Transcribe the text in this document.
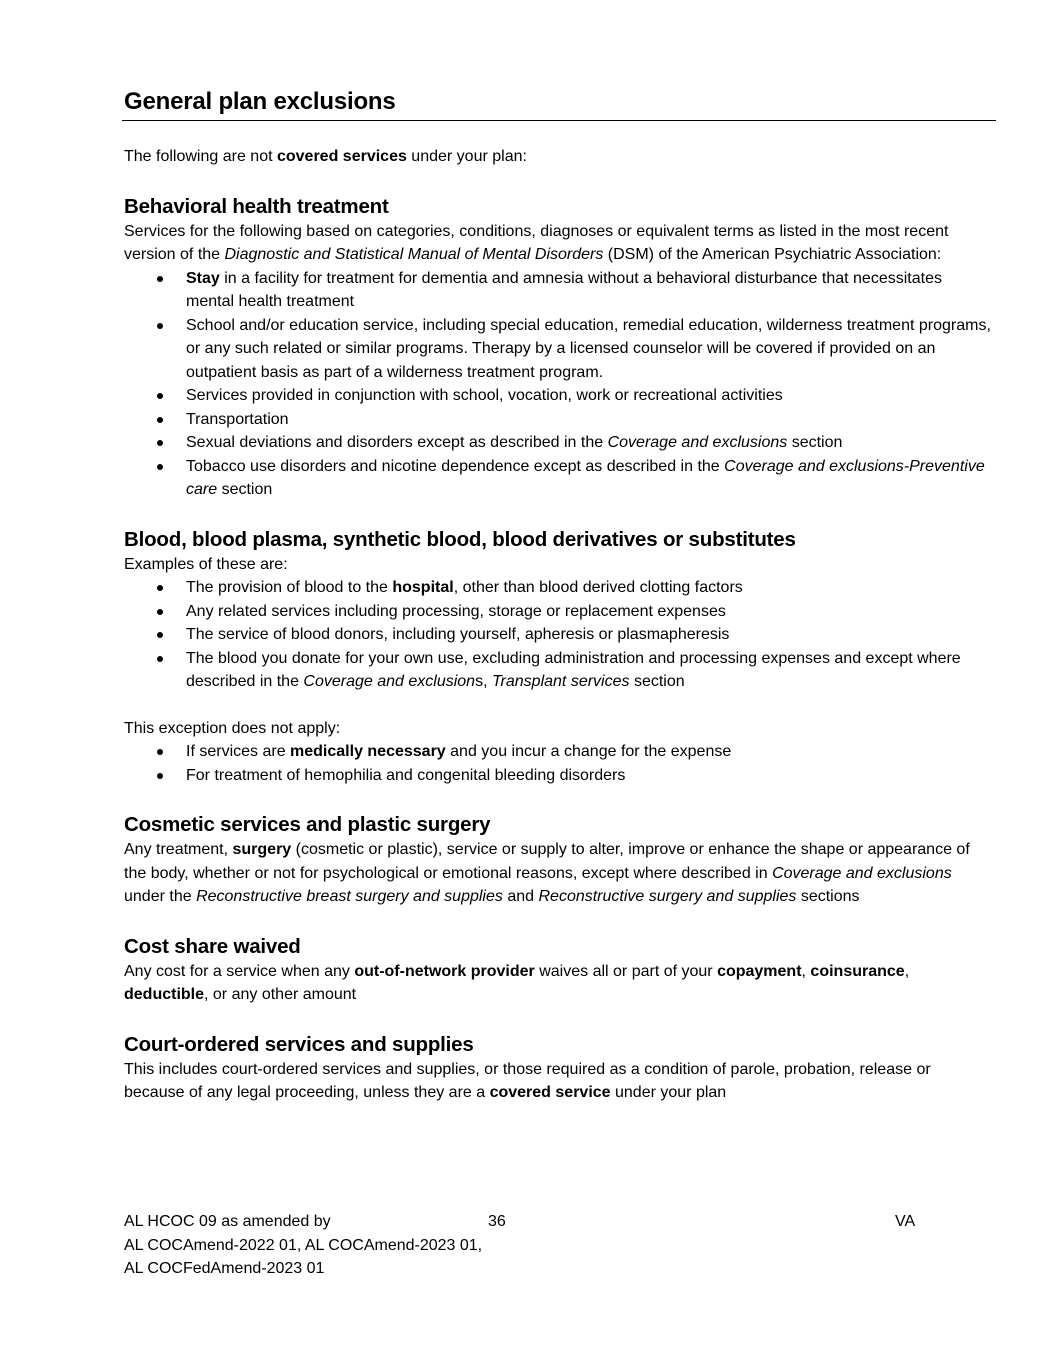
General plan exclusions

The following are not covered services under your plan:

Behavioral health treatment

Services for the following based on categories, conditions, diagnoses or equivalent terms as listed in the most recent version of the Diagnostic and Statistical Manual of Mental Disorders (DSM) of the American Psychiatric Association:

Stay in a facility for treatment for dementia and amnesia without a behavioral disturbance that necessitates mental health treatment
School and/or education service, including special education, remedial education, wilderness treatment programs, or any such related or similar programs. Therapy by a licensed counselor will be covered if provided on an outpatient basis as part of a wilderness treatment program.
Services provided in conjunction with school, vocation, work or recreational activities
Transportation
Sexual deviations and disorders except as described in the Coverage and exclusions section
Tobacco use disorders and nicotine dependence except as described in the Coverage and exclusions-Preventive care section
Blood, blood plasma, synthetic blood, blood derivatives or substitutes

Examples of these are:

The provision of blood to the hospital, other than blood derived clotting factors
Any related services including processing, storage or replacement expenses
The service of blood donors, including yourself, apheresis or plasmapheresis
The blood you donate for your own use, excluding administration and processing expenses and except where described in the Coverage and exclusions, Transplant services section

This exception does not apply:

If services are medically necessary and you incur a change for the expense
For treatment of hemophilia and congenital bleeding disorders
Cosmetic services and plastic surgery

Any treatment, surgery (cosmetic or plastic), service or supply to alter, improve or enhance the shape or appearance of the body, whether or not for psychological or emotional reasons, except where described in Coverage and exclusions under the Reconstructive breast surgery and supplies and Reconstructive surgery and supplies sections

Cost share waived

Any cost for a service when any out-of-network provider waives all or part of your copayment, coinsurance, deductible, or any other amount

Court-ordered services and supplies

This includes court-ordered services and supplies, or those required as a condition of parole, probation, release or because of any legal proceeding, unless they are a covered service under your plan

AL HCOC 09 as amended by
AL COCAmend-2022 01, AL COCAmend-2023 01,
AL COCFedAmend-2023 01
36	VA
